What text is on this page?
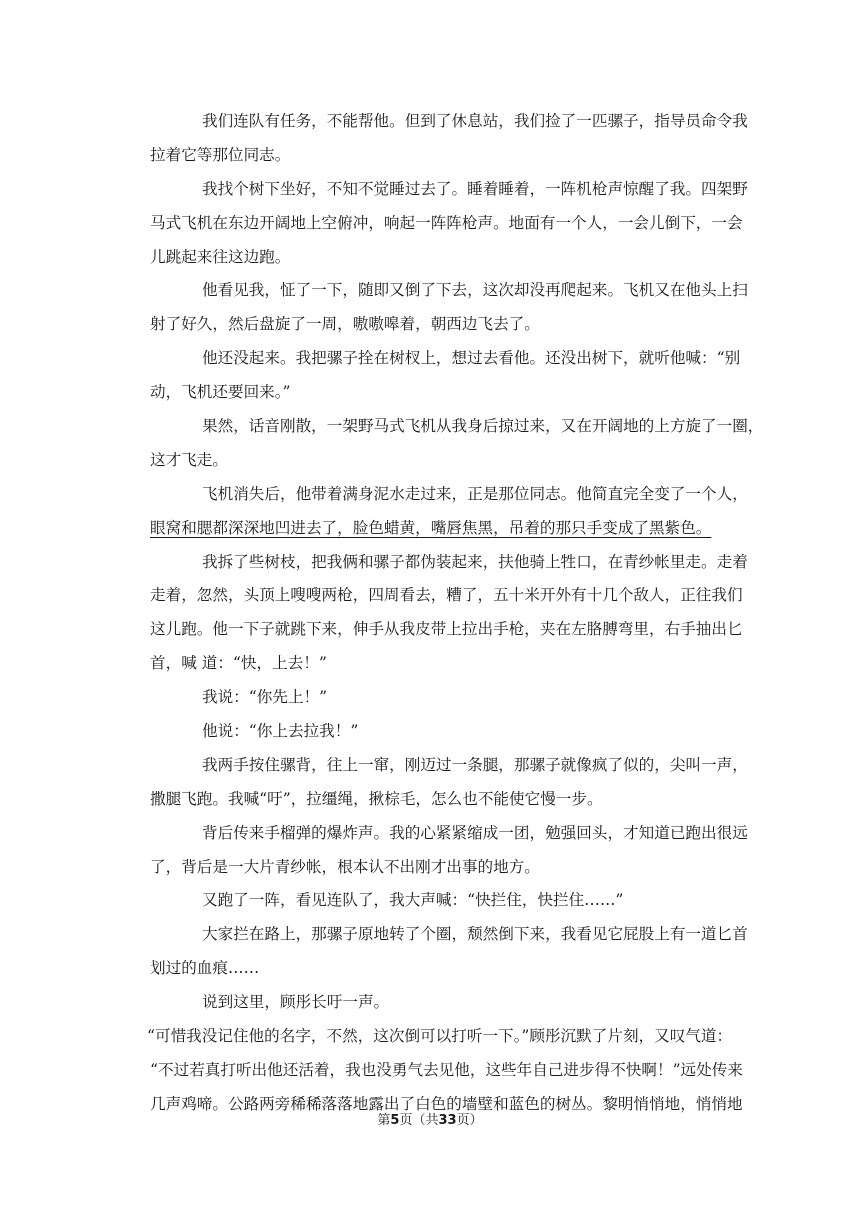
我们连队有任务，不能帮他。但到了休息站，我们捡了一匹骡子，指导员命令我
拉着它等那位同志。
我找个树下坐好，不知不觉睡过去了。睡着睡着，一阵机枪声惊醒了我。四架野
马式飞机在东边开阔地上空俯冲，响起一阵阵枪声。地面有一个人，一会儿倒下，一会
儿跳起来往这边跑。
他看见我，怔了一下，随即又倒了下去，这次却没再爬起来。飞机又在他头上扫
射了好久，然后盘旋了一周，嗷嗷嗥着，朝西边飞去了。
他还没起来。我把骡子拴在树杈上，想过去看他。还没出树下，就听他喊：“别
动，飞机还要回来。”
果然，话音刚散，一架野马式飞机从我身后掠过来，又在开阔地的上方旋了一圈，
这才飞走。
飞机消失后，他带着满身泥水走过来，正是那位同志。他简直完全变了一个人，
眼窝和腮都深深地凹进去了，脸色蜡黄，嘴唇焦黑，吊着的那只手变成了黑紫色。
我拆了些树枝，把我俩和骡子都伪装起来，扶他骑上牲口，在青纱帐里走。走着
走着，忽然，头顶上嗖嗖两枪，四周看去，糟了，五十米开外有十几个敌人，正往我们
这儿跑。他一下子就跳下来，伸手从我皮带上拉出手枪，夹在左胳膊弯里，右手抽出匕
首，喊 道：“快，上去！”
我说：“你先上！”
他说：“你上去拉我！”
我两手按住骡背，往上一窜，刚迈过一条腿，那骡子就像疯了似的，尖叫一声，
撒腿飞跑。我喊“吁”，拉缰绳，揪棕毛，怎么也不能使它慢一步。
背后传来手榴弹的爆炸声。我的心紧紧缩成一团，勉强回头，才知道已跑出很远
了，背后是一大片青纱帐，根本认不出刚才出事的地方。
又跑了一阵，看见连队了，我大声喊：“快拦住，快拦住……”
大家拦在路上，那骡子原地转了个圈，颓然倒下来，我看见它屁股上有一道匕首
划过的血痕……
说到这里，顾彤长吁一声。
“可惜我没记住他的名字，不然，这次倒可以打听一下。”顾彤沉默了片刻，又叹气道：
“不过若真打听出他还活着，我也没勇气去见他，这些年自己进步得不快啊！”远处传来
几声鸡啼。公路两旁稀稀落落地露出了白色的墙壁和蓝色的树丛。黎明悄悄地，悄悄地
第5页（共33页）
